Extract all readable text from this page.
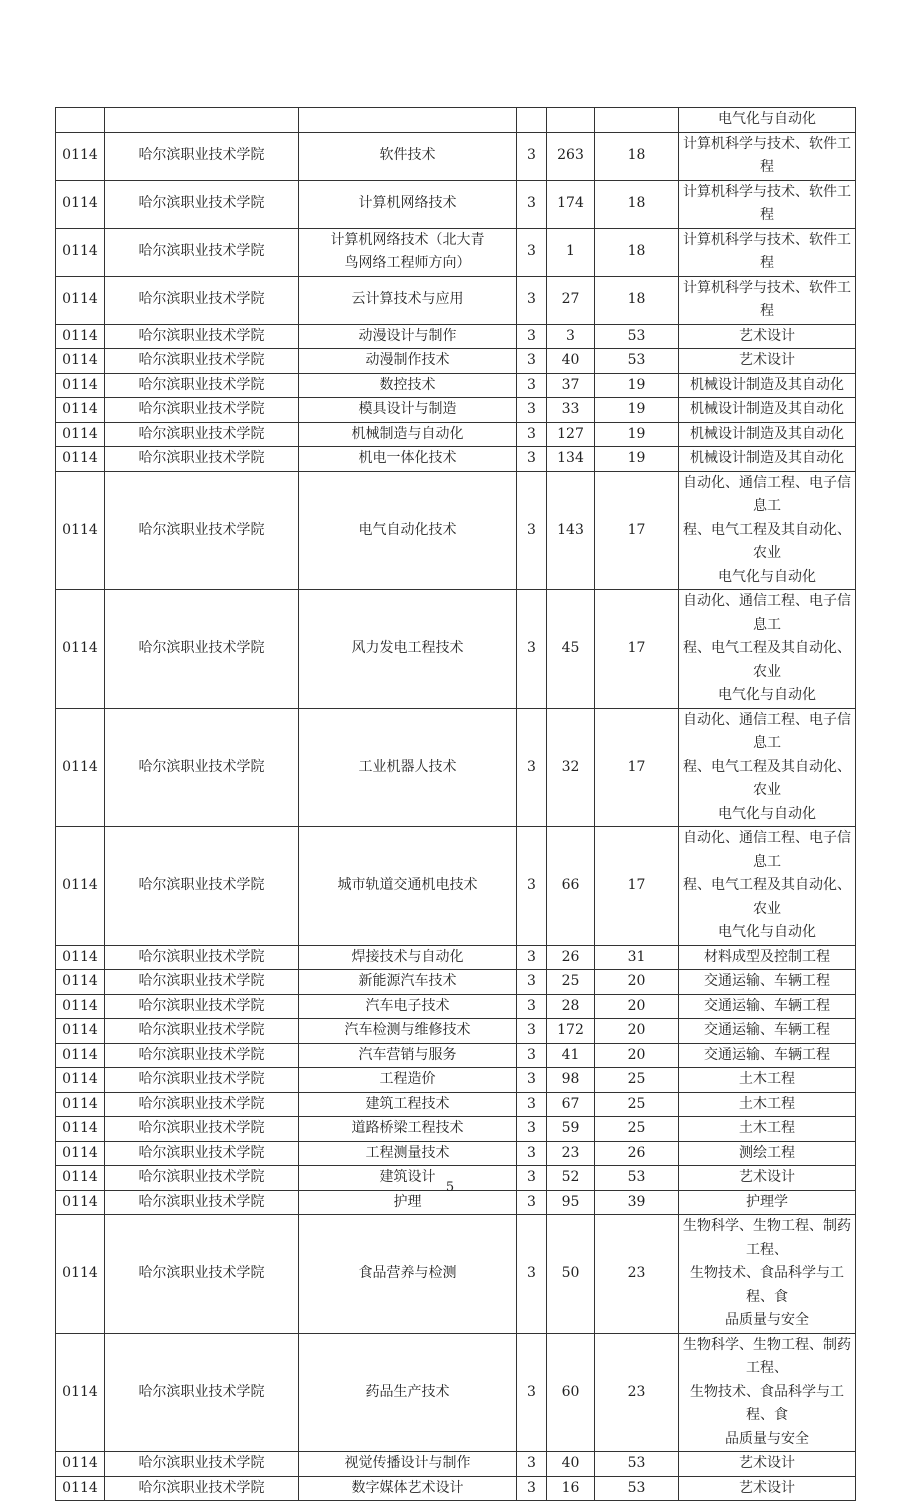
						电气化与自动化
0114	哈尔滨职业技术学院	软件技术	3	263	18	计算机科学与技术、软件工程
0114	哈尔滨职业技术学院	计算机网络技术	3	174	18	计算机科学与技术、软件工程
0114	哈尔滨职业技术学院	计算机网络技术（北大青
鸟网络工程师方向）	3	1	18	计算机科学与技术、软件工程
0114	哈尔滨职业技术学院	云计算技术与应用	3	27	18	计算机科学与技术、软件工程
0114	哈尔滨职业技术学院	动漫设计与制作	3	3	53	艺术设计
0114	哈尔滨职业技术学院	动漫制作技术	3	40	53	艺术设计
0114	哈尔滨职业技术学院	数控技术	3	37	19	机械设计制造及其自动化
0114	哈尔滨职业技术学院	模具设计与制造	3	33	19	机械设计制造及其自动化
0114	哈尔滨职业技术学院	机械制造与自动化	3	127	19	机械设计制造及其自动化
0114	哈尔滨职业技术学院	机电一体化技术	3	134	19	机械设计制造及其自动化
0114	哈尔滨职业技术学院	电气自动化技术	3	143	17	自动化、通信工程、电子信息工
程、电气工程及其自动化、农业
电气化与自动化
0114	哈尔滨职业技术学院	风力发电工程技术	3	45	17	自动化、通信工程、电子信息工
程、电气工程及其自动化、农业
电气化与自动化
0114	哈尔滨职业技术学院	工业机器人技术	3	32	17	自动化、通信工程、电子信息工
程、电气工程及其自动化、农业
电气化与自动化
0114	哈尔滨职业技术学院	城市轨道交通机电技术	3	66	17	自动化、通信工程、电子信息工
程、电气工程及其自动化、农业
电气化与自动化
0114	哈尔滨职业技术学院	焊接技术与自动化	3	26	31	材料成型及控制工程
0114	哈尔滨职业技术学院	新能源汽车技术	3	25	20	交通运输、车辆工程
0114	哈尔滨职业技术学院	汽车电子技术	3	28	20	交通运输、车辆工程
0114	哈尔滨职业技术学院	汽车检测与维修技术	3	172	20	交通运输、车辆工程
0114	哈尔滨职业技术学院	汽车营销与服务	3	41	20	交通运输、车辆工程
0114	哈尔滨职业技术学院	工程造价	3	98	25	土木工程
0114	哈尔滨职业技术学院	建筑工程技术	3	67	25	土木工程
0114	哈尔滨职业技术学院	道路桥梁工程技术	3	59	25	土木工程
0114	哈尔滨职业技术学院	工程测量技术	3	23	26	测绘工程
0114	哈尔滨职业技术学院	建筑设计	3	52	53	艺术设计
0114	哈尔滨职业技术学院	护理	3	95	39	护理学
0114	哈尔滨职业技术学院	食品营养与检测	3	50	23	生物科学、生物工程、制药工程、
生物技术、食品科学与工程、食
品质量与安全
0114	哈尔滨职业技术学院	药品生产技术	3	60	23	生物科学、生物工程、制药工程、
生物技术、食品科学与工程、食
品质量与安全
0114	哈尔滨职业技术学院	视觉传播设计与制作	3	40	53	艺术设计
0114	哈尔滨职业技术学院	数字媒体艺术设计	3	16	53	艺术设计
5
